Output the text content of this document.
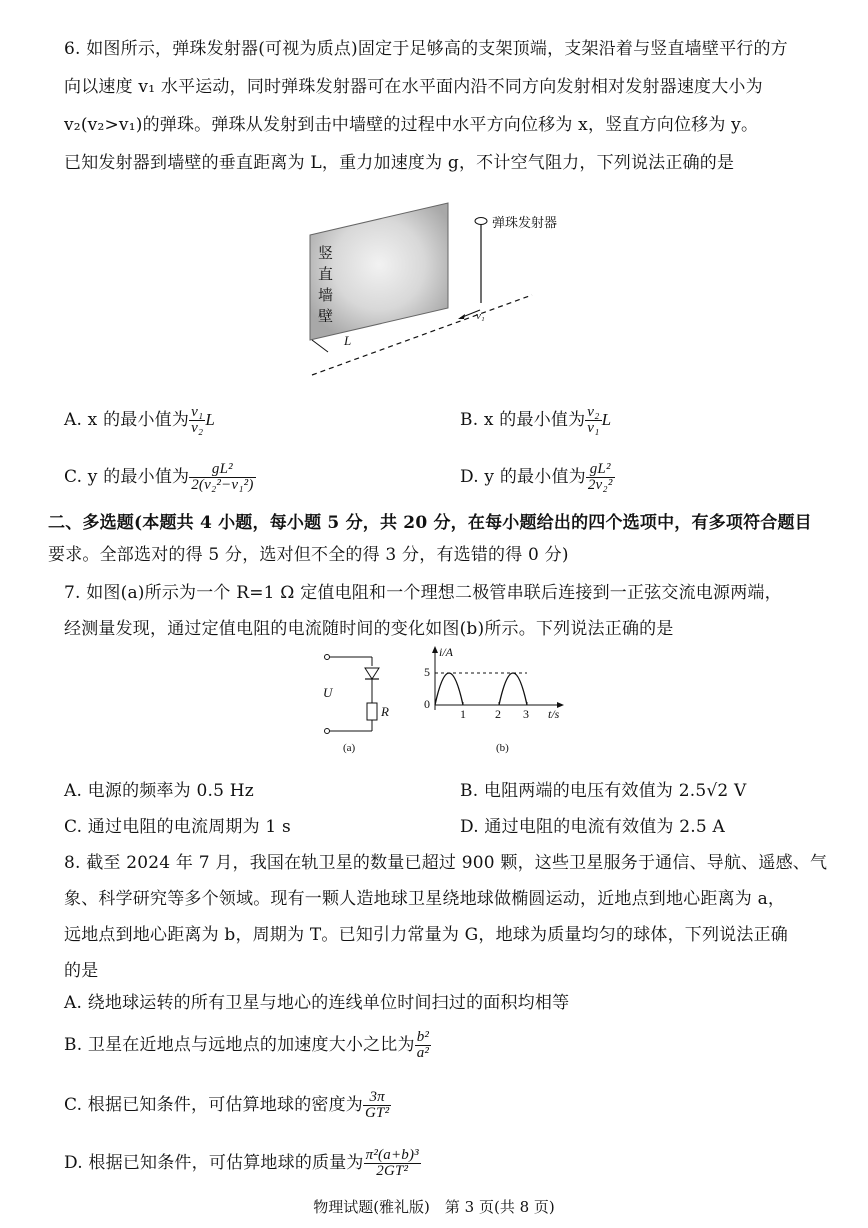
6. 如图所示，弹珠发射器(可视为质点)固定于足够高的支架顶端，支架沿着与竖直墙壁平行的方
向以速度 v₁ 水平运动，同时弹珠发射器可在水平面内沿不同方向发射相对发射器速度大小为
v₂(v₂>v₁)的弹珠。弹珠从发射到击中墙壁的过程中水平方向位移为 x，竖直方向位移为 y。
已知发射器到墙壁的垂直距离为 L，重力加速度为 g，不计空气阻力，下列说法正确的是
竖
直
墙
壁
弹珠发射器
L
v₁
A. x 的最小值为 $\frac{\text{v₁}}{\text{v₂}}$ L	B. x 的最小值为 $\frac{\text{v₂}}{\text{v₁}}$ L
C. y 的最小值为 $\frac{\text{gL²}}{\text{2(v₂²−v₁²)}}$	D. y 的最小值为 $\frac{\text{gL²}}{\text{2v₂²}}$
二、多选题(本题共 4 小题，每小题 5 分，共 20 分，在每小题给出的四个选项中，有多项符合题目
要求。全部选对的得 5 分，选对但不全的得 3 分，有选错的得 0 分)
7. 如图(a)所示为一个 R=1 Ω 定值电阻和一个理想二极管串联后连接到一正弦交流电源两端，
经测量发现，通过定值电阻的电流随时间的变化如图(b)所示。下列说法正确的是
U
R
(a)
i/A
5
0
1 2 3 t/s
(b)
A. 电源的频率为 0.5 Hz	B. 电阻两端的电压有效值为 2.5√2 V
C. 通过电阻的电流周期为 1 s	D. 通过电阻的电流有效值为 2.5 A
8. 截至 2024 年 7 月，我国在轨卫星的数量已超过 900 颗，这些卫星服务于通信、导航、遥感、气
象、科学研究等多个领域。现有一颗人造地球卫星绕地球做椭圆运动，近地点到地心距离为 a，
远地点到地心距离为 b，周期为 T。已知引力常量为 G，地球为质量均匀的球体，下列说法正确
的是
A. 绕地球运转的所有卫星与地心的连线单位时间扫过的面积均相等
B. 卫星在近地点与远地点的加速度大小之比为 $\frac{\text{b²}}{\text{a²}}$
C. 根据已知条件，可估算地球的密度为 $\frac{3\pi}{\text{GT²}}$
D. 根据已知条件，可估算地球的质量为 $\frac{\text{π²(a+b)³}}{\text{2GT²}}$
物理试题(雅礼版)　第 3 页(共 8 页)
